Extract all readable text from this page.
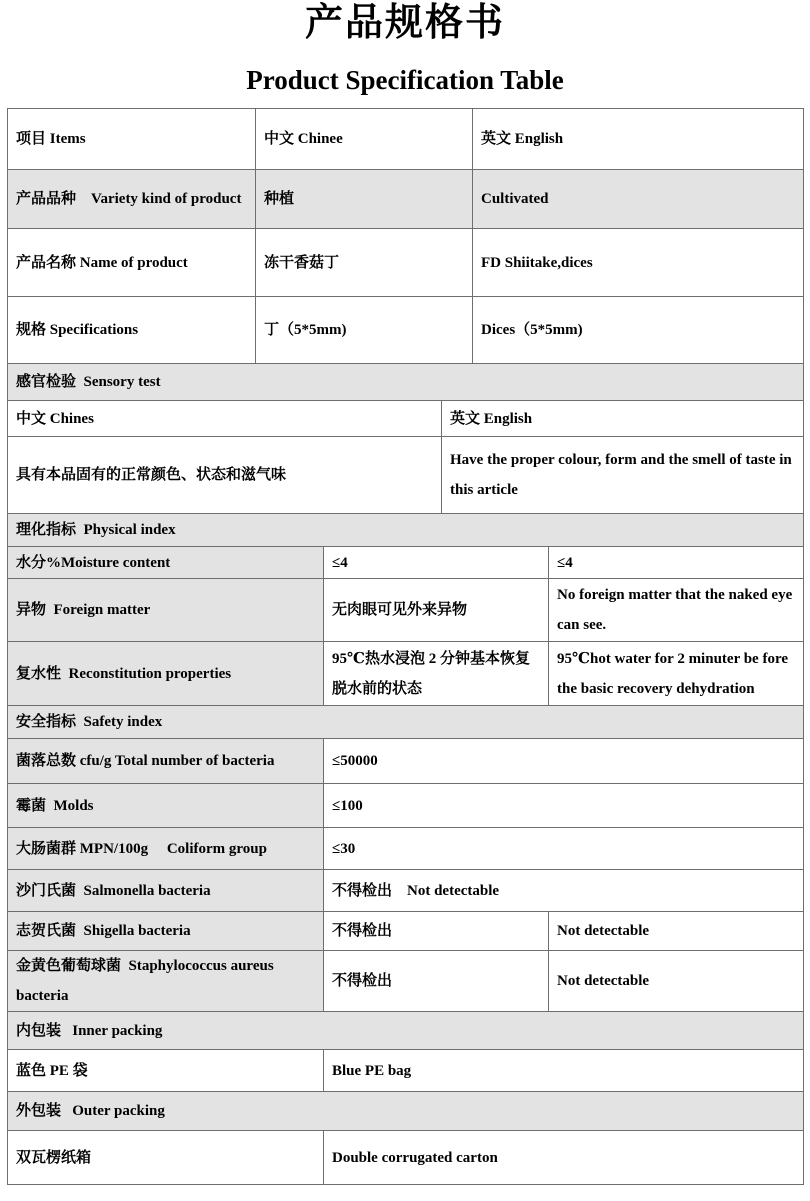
产品规格书
Product Specification Table
项目 Items	中文 Chinee			英文 English	
产品品种    Variety kind of product	种植			Cultivated	
产品名称 Name of product	冻干香菇丁			FD Shiitake,dices	
规格 Specifications	丁（5*5mm)			Dices（5*5mm)	
感官检验  Sensory test					
中文 Chines			英文 English		
具有本品固有的正常颜色、状态和滋气味			Have the proper colour, form and the smell of taste in this article		
理化指标  Physical index					
水分%Moisture content		≤4			≤4
异物  Foreign matter		无肉眼可见外来异物			No foreign matter that the naked eye can see.
复水性  Reconstitution properties		95℃热水浸泡 2 分钟基本恢复脱水前的状态			95℃hot water for 2 minuter be fore the basic recovery dehydration
安全指标  Safety index					
菌落总数 cfu/g Total number of bacteria		≤50000			
霉菌  Molds		≤100			
大肠菌群 MPN/100g     Coliform group		≤30			
沙门氏菌  Salmonella bacteria		不得检出    Not detectable			
志贺氏菌  Shigella bacteria		不得检出			Not detectable
金黄色葡萄球菌  Staphylococcus aureus bacteria		不得检出			Not detectable
内包装   Inner packing					
蓝色 PE 袋		Blue PE bag			
外包装   Outer packing					
双瓦楞纸箱		Double corrugated carton			
